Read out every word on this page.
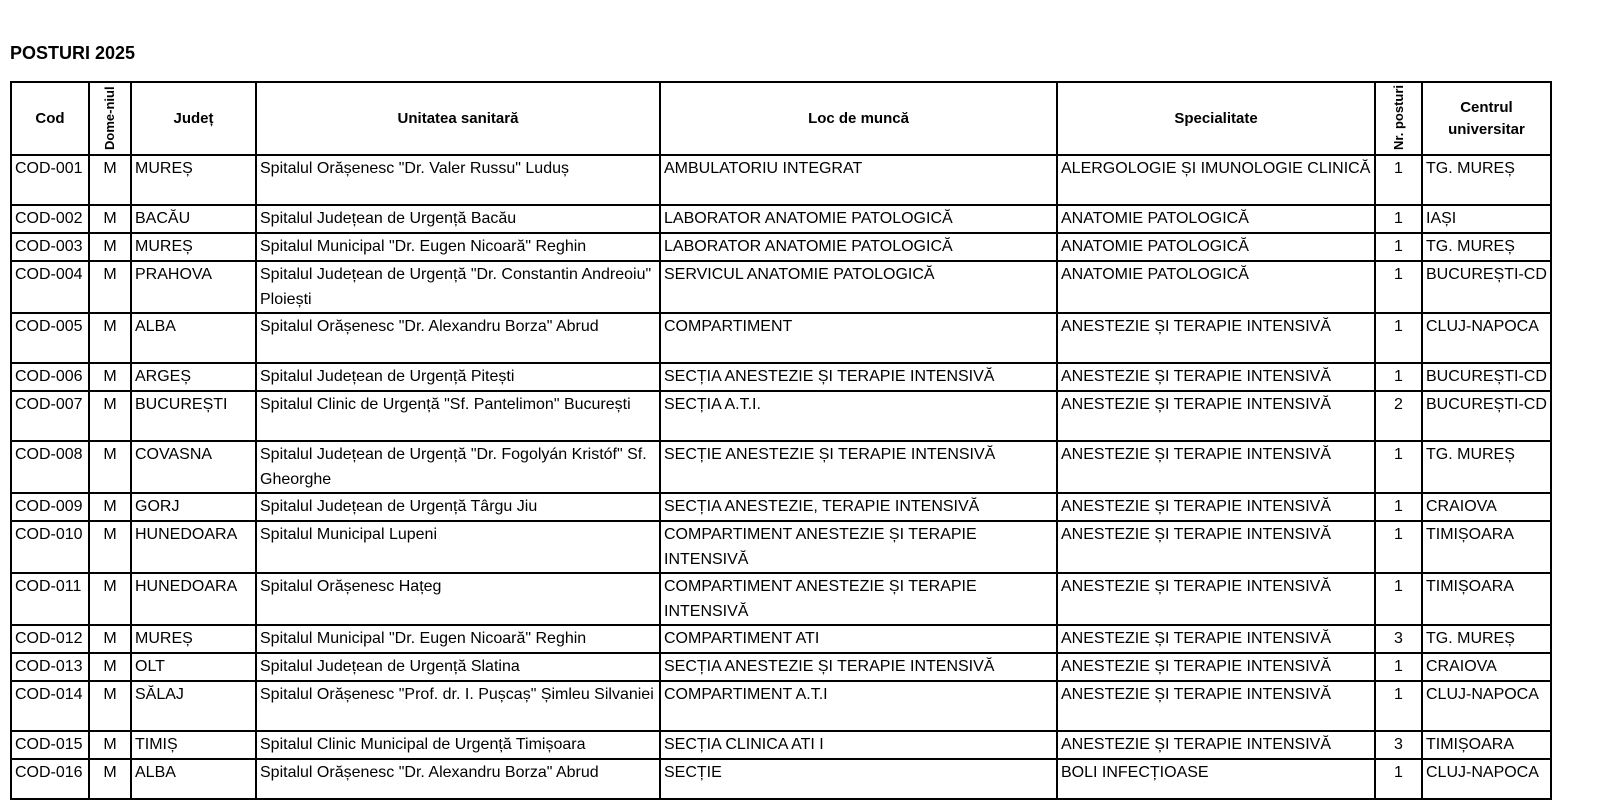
POSTURI 2025
Cod	Dome-niul	Județ	Unitatea sanitară	Loc de muncă	Specialitate	Nr. posturi	Centrul universitar
COD-001	M	MUREȘ	Spitalul Orășenesc "Dr. Valer Russu" Luduș	AMBULATORIU INTEGRAT	ALERGOLOGIE ȘI IMUNOLOGIE CLINICĂ	1	TG. MUREȘ
COD-002	M	BACĂU	Spitalul Județean de Urgență Bacău	LABORATOR ANATOMIE PATOLOGICĂ	ANATOMIE PATOLOGICĂ	1	IAȘI
COD-003	M	MUREȘ	Spitalul Municipal "Dr. Eugen Nicoară" Reghin	LABORATOR ANATOMIE PATOLOGICĂ	ANATOMIE PATOLOGICĂ	1	TG. MUREȘ
COD-004	M	PRAHOVA	Spitalul Județean de Urgență "Dr. Constantin Andreoiu" Ploiești	SERVICUL ANATOMIE PATOLOGICĂ	ANATOMIE PATOLOGICĂ	1	BUCUREȘTI-CD
COD-005	M	ALBA	Spitalul Orășenesc "Dr. Alexandru Borza" Abrud	COMPARTIMENT	ANESTEZIE ȘI TERAPIE INTENSIVĂ	1	CLUJ-NAPOCA
COD-006	M	ARGEȘ	Spitalul Județean de Urgență Pitești	SECȚIA ANESTEZIE ȘI TERAPIE INTENSIVĂ	ANESTEZIE ȘI TERAPIE INTENSIVĂ	1	BUCUREȘTI-CD
COD-007	M	BUCUREȘTI	Spitalul Clinic de Urgență "Sf. Pantelimon" București	SECȚIA A.T.I.	ANESTEZIE ȘI TERAPIE INTENSIVĂ	2	BUCUREȘTI-CD
COD-008	M	COVASNA	Spitalul Județean de Urgență "Dr. Fogolyán Kristóf" Sf. Gheorghe	SECȚIE ANESTEZIE ȘI TERAPIE INTENSIVĂ	ANESTEZIE ȘI TERAPIE INTENSIVĂ	1	TG. MUREȘ
COD-009	M	GORJ	Spitalul Județean de Urgență Târgu Jiu	SECȚIA ANESTEZIE, TERAPIE INTENSIVĂ	ANESTEZIE ȘI TERAPIE INTENSIVĂ	1	CRAIOVA
COD-010	M	HUNEDOARA	Spitalul Municipal Lupeni	COMPARTIMENT ANESTEZIE ȘI TERAPIE INTENSIVĂ	ANESTEZIE ȘI TERAPIE INTENSIVĂ	1	TIMIȘOARA
COD-011	M	HUNEDOARA	Spitalul Orășenesc Hațeg	COMPARTIMENT ANESTEZIE ȘI TERAPIE INTENSIVĂ	ANESTEZIE ȘI TERAPIE INTENSIVĂ	1	TIMIȘOARA
COD-012	M	MUREȘ	Spitalul Municipal "Dr. Eugen Nicoară" Reghin	COMPARTIMENT ATI	ANESTEZIE ȘI TERAPIE INTENSIVĂ	3	TG. MUREȘ
COD-013	M	OLT	Spitalul Județean de Urgență Slatina	SECȚIA ANESTEZIE ȘI TERAPIE INTENSIVĂ	ANESTEZIE ȘI TERAPIE INTENSIVĂ	1	CRAIOVA
COD-014	M	SĂLAJ	Spitalul Orășenesc "Prof. dr. I. Pușcaș" Șimleu Silvaniei	COMPARTIMENT A.T.I	ANESTEZIE ȘI TERAPIE INTENSIVĂ	1	CLUJ-NAPOCA
COD-015	M	TIMIȘ	Spitalul Clinic Municipal de Urgență Timișoara	SECȚIA CLINICA ATI I	ANESTEZIE ȘI TERAPIE INTENSIVĂ	3	TIMIȘOARA
COD-016	M	ALBA	Spitalul Orășenesc "Dr. Alexandru Borza" Abrud	SECȚIE	BOLI INFECȚIOASE	1	CLUJ-NAPOCA
